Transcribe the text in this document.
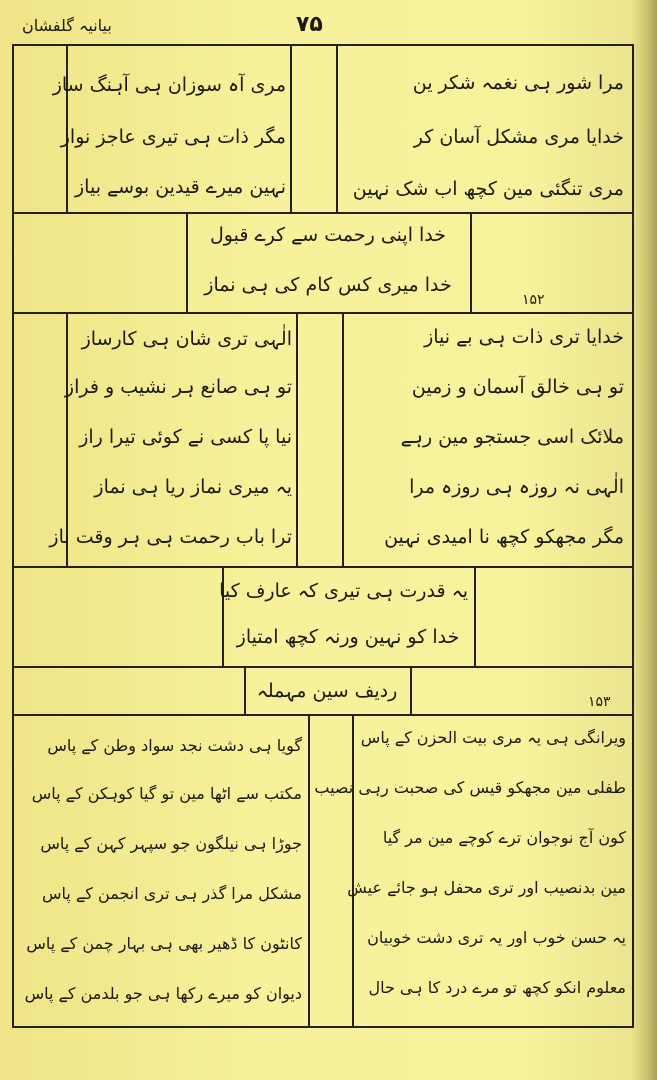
بیانیہ گلفشان	۷۵
مری آہ سوزان ہی آہنگ ساز
مگر ذات ہی تیری عاجز نواز
نہین میرے قیدین بوسے بیاز
مرا شور ہی نغمہ شکر ین
خدایا مری مشکل آسان کر
مری تنگئی مین کچھ اب شک نہین
خدا اپنی رحمت سے کرے قبول
خدا میری کس کام کی ہی نماز
۱۵۲
الٰہی تری شان ہی کارساز
تو ہی صانع ہر نشیب و فراز
نیا پا کسی نے کوئی تیرا راز
یہ میری نماز ریا ہی نماز
ترا باب رحمت ہی ہر وقت باز
خدایا تری ذات ہی بے نیاز
تو ہی خالق آسمان و زمین
ملائک اسی جستجو مین رہے
الٰہی نہ روزہ ہی روزہ مرا
مگر مجھکو کچھ نا امیدی نہین
یہ قدرت ہی تیری کہ عارف کیا
خدا کو نہین ورنہ کچھ امتیاز
ردیف سین مہملہ	۱۵۳
گویا ہی دشت نجد سواد وطن کے پاس
مکتب سے اٹھا مین تو گیا کوہکن کے پاس
جوڑا ہی نیلگون جو سپہر کہن کے پاس
مشکل مرا گذر ہی تری انجمن کے پاس
کانٹون کا ڈھیر بھی ہی بہار چمن کے پاس
دیوان کو میرے رکھا ہی جو بلدمن کے پاس
ویرانگی ہی یہ مری بیت الحزن کے پاس
طفلی مین مجھکو قیس کی صحبت رہی نصیب
کون آج نوجوان ترے کوچے مین مر گیا
مین بدنصیب اور تری محفل ہو جائے عیش
یہ حسن خوب اور یہ تری دشت خوبیان
معلوم انکو کچھ تو مرے درد کا ہی حال
